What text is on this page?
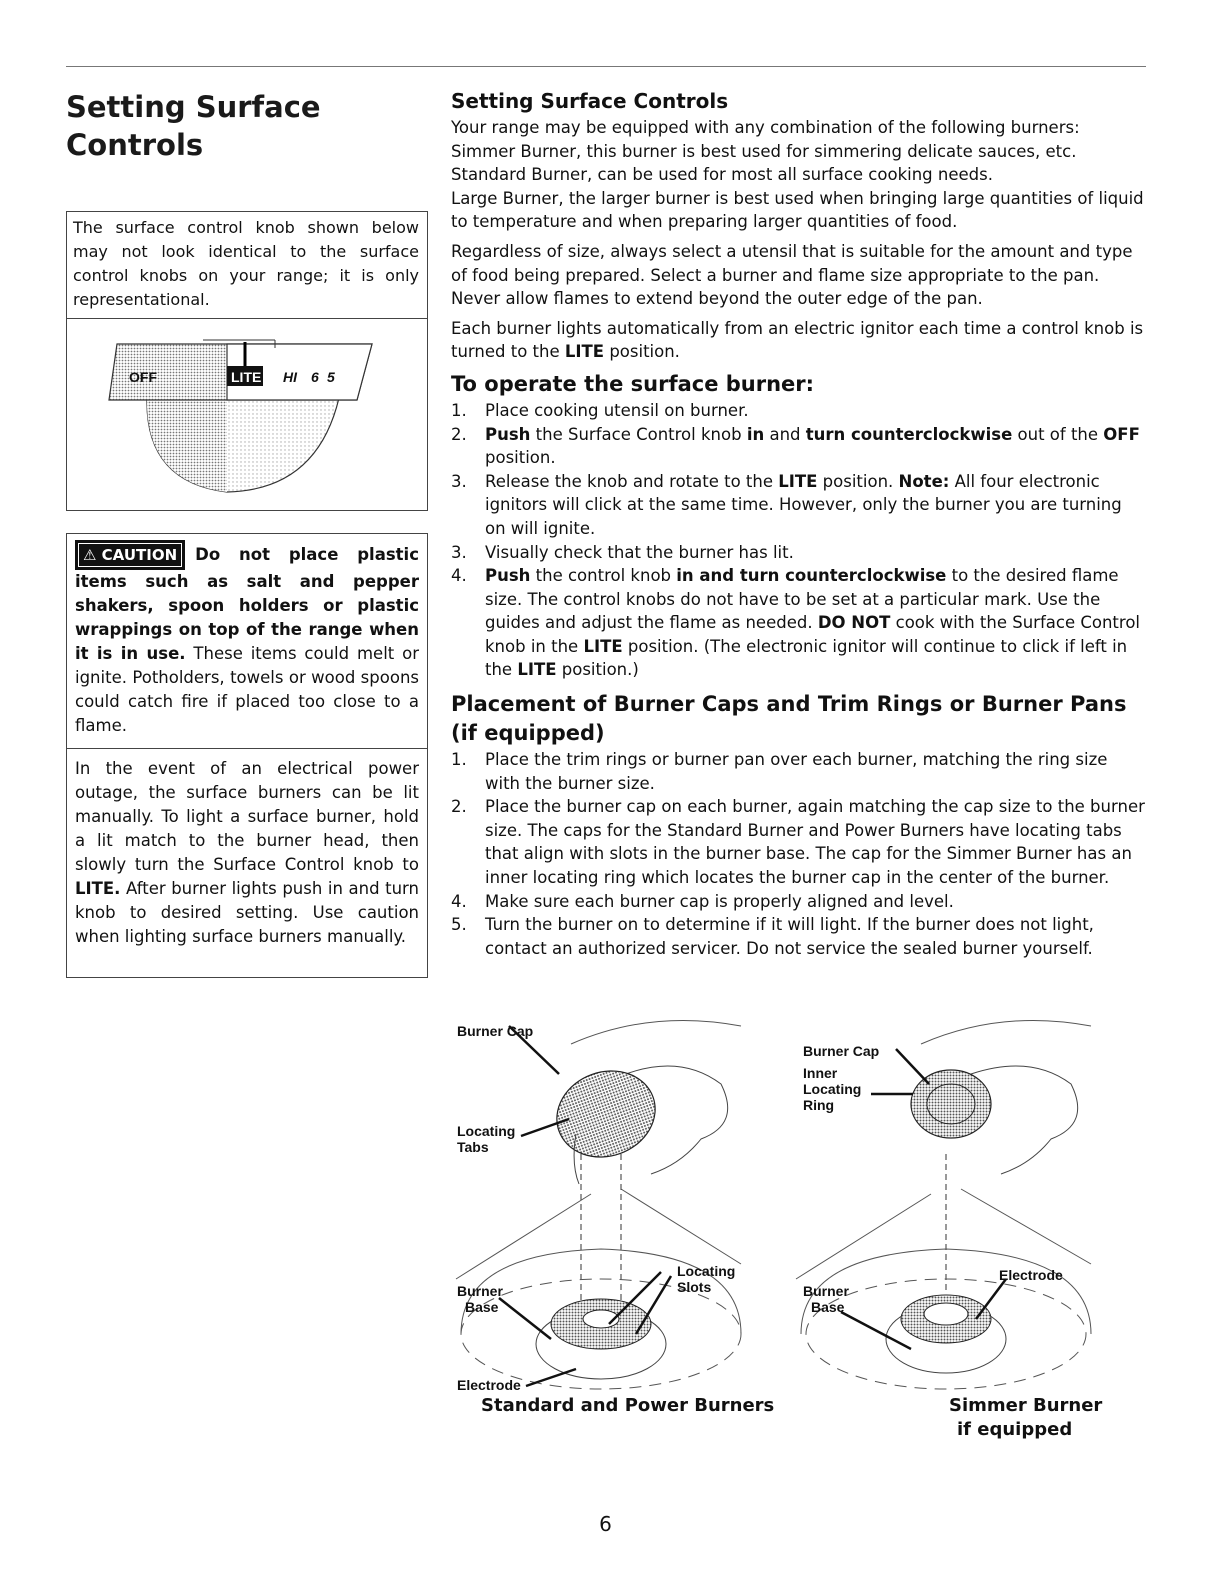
Setting Surface Controls

The surface control knob shown below may not look identical to the surface control knobs on your range; it is only representational.

OFF	LITE HI 6 5

⚠ CAUTION Do not place plastic items such as salt and pepper shakers, spoon holders or plastic wrappings on top of the range when it is in use. These items could melt or ignite. Potholders, towels or wood spoons could catch fire if placed too close to a flame.

In the event of an electrical power outage, the surface burners can be lit manually. To light a surface burner, hold a lit match to the burner head, then slowly turn the Surface Control knob to LITE. After burner lights push in and turn knob to desired setting. Use caution when lighting surface burners manually.

Setting Surface Controls

Your range may be equipped with any combination of the following burners:

Simmer Burner, this burner is best used for simmering delicate sauces, etc.

Standard Burner, can be used for most all surface cooking needs.

Large Burner, the larger burner is best used when bringing large quantities of liquid to temperature and when preparing larger quantities of food.

Regardless of size, always select a utensil that is suitable for the amount and type of food being prepared. Select a burner and flame size appropriate to the pan. Never allow flames to extend beyond the outer edge of the pan.

Each burner lights automatically from an electric ignitor each time a control knob is turned to the LITE position.

To operate the surface burner:
1. Place cooking utensil on burner.
2. Push the Surface Control knob in and turn counterclockwise out of the OFF position.
3. Release the knob and rotate to the LITE position. Note: All four electronic ignitors will click at the same time. However, only the burner you are turning on will ignite.
3. Visually check that the burner has lit.
4. Push the control knob in and turn counterclockwise to the desired flame size. The control knobs do not have to be set at a particular mark. Use the guides and adjust the flame as needed. DO NOT cook with the Surface Control knob in the LITE position. (The electronic ignitor will continue to click if left in the LITE position.)
Placement of Burner Caps and Trim Rings or Burner Pans (if equipped)
1. Place the trim rings or burner pan over each burner, matching the ring size with the burner size.
2. Place the burner cap on each burner, again matching the cap size to the burner size. The caps for the Standard Burner and Power Burners have locating tabs that align with slots in the burner base. The cap for the Simmer Burner has an inner locating ring which locates the burner cap in the center of the burner.
4. Make sure each burner cap is properly aligned and level.
5. Turn the burner on to determine if it will light. If the burner does not light, contact an authorized servicer. Do not service the sealed burner yourself.
Burner Cap
Locating
Tabs
Locating
Slots
Burner
Base
Electrode
Burner Cap
Inner
Locating
Ring
Electrode
Burner
Base
Standard and Power Burners	Simmer Burner
if equipped
6
